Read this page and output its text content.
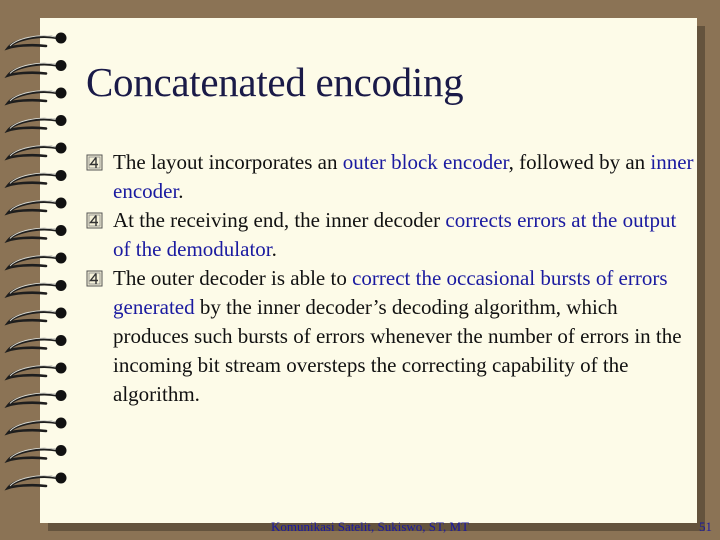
Concatenated encoding
The layout incorporates an outer block encoder, followed by an inner encoder.
At the receiving end, the inner decoder corrects errors at the output of the demodulator.
The outer decoder is able to correct the occasional bursts of errors generated by the inner decoder’s decoding algorithm, which produces such bursts of errors whenever the number of errors in the incoming bit stream oversteps the correcting capability of the algorithm.
Komunikasi Satelit, Sukiswo, ST, MT	51
